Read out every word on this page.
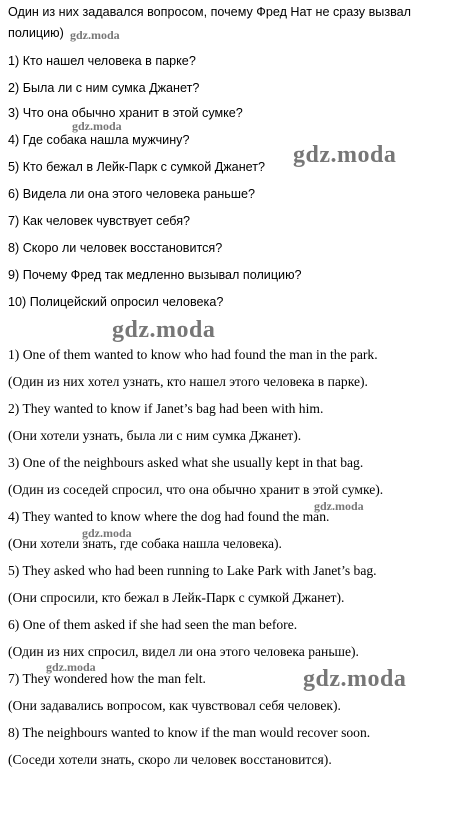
Один из них задавался вопросом, почему Фред Нат не сразу вызвал
полицию)
1) Кто нашел человека в парке?
2) Была ли с ним сумка Джанет?
3) Что она обычно хранит в этой сумке?
4) Где собака нашла мужчину?
5) Кто бежал в Лейк-Парк с сумкой Джанет?
6) Видела ли она этого человека раньше?
7) Как человек чувствует себя?
8) Скоро ли человек восстановится?
9) Почему Фред так медленно вызывал полицию?
10) Полицейский опросил человека?
1) One of them wanted to know who had found the man in the park.
(Один из них хотел узнать, кто нашел этого человека в парке).
2) They wanted to know if Janet’s bag had been with him.
(Они хотели узнать, была ли с ним сумка Джанет).
3) One of the neighbours asked what she usually kept in that bag.
(Один из соседей спросил, что она обычно хранит в этой сумке).
4) They wanted to know where the dog had found the man.
(Они хотели знать, где собака нашла человека).
5) They asked who had been running to Lake Park with Janet’s bag.
(Они спросили, кто бежал в Лейк-Парк с сумкой Джанет).
6) One of them asked if she had seen the man before.
(Один из них спросил, видел ли она этого человека раньше).
7) They wondered how the man felt.
(Они задавались вопросом, как чувствовал себя человек).
8) The neighbours wanted to know if the man would recover soon.
(Соседи хотели знать, скоро ли человек восстановится).
gdz.moda
gdz.moda
gdz.moda
gdz.moda
gdz.moda
gdz.moda
gdz.moda	gdz.moda
